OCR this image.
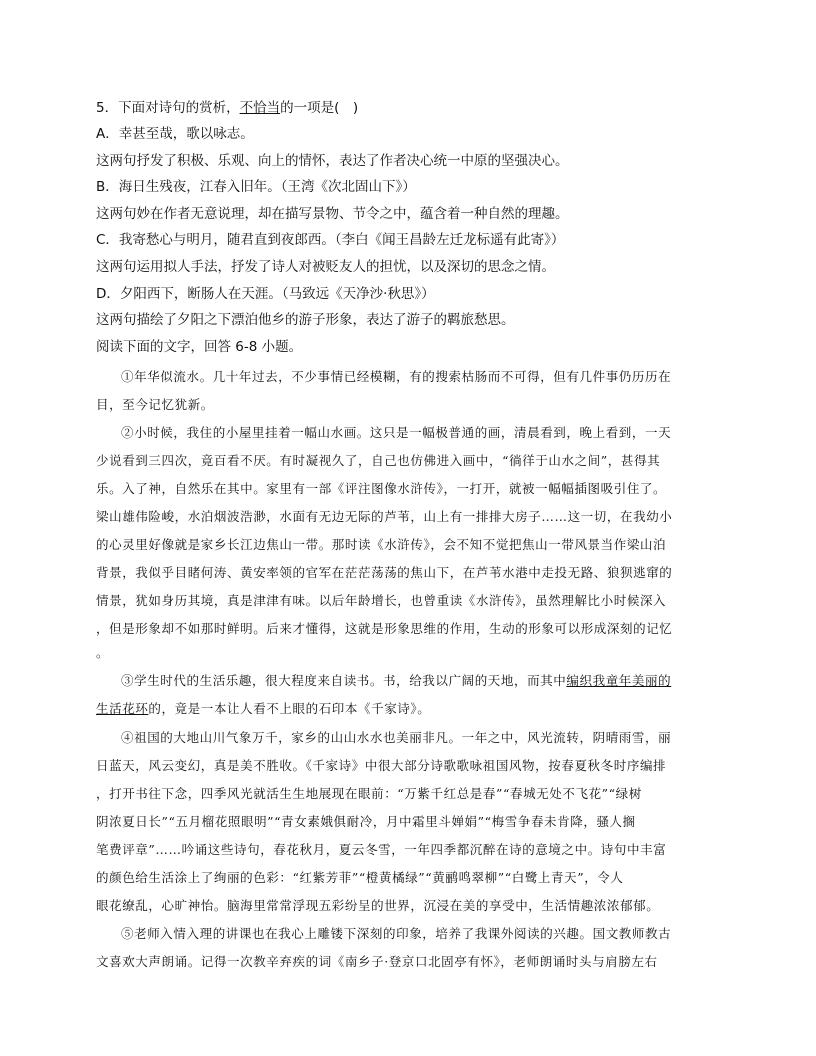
5．下面对诗句的赏析，不恰当的一项是(　)
A．幸甚至哉，歌以咏志。
这两句抒发了积极、乐观、向上的情怀，表达了作者决心统一中原的坚强决心。
B．海日生残夜，江春入旧年。（王湾《次北固山下》）
这两句妙在作者无意说理，却在描写景物、节令之中，蕴含着一种自然的理趣。
C．我寄愁心与明月，随君直到夜郎西。（李白《闻王昌龄左迁龙标遥有此寄》）
这两句运用拟人手法，抒发了诗人对被贬友人的担忧，以及深切的思念之情。
D．夕阳西下，断肠人在天涯。（马致远《天净沙·秋思》）
这两句描绘了夕阳之下漂泊他乡的游子形象，表达了游子的羁旅愁思。
阅读下面的文字，回答 6-8 小题。
①年华似流水。几十年过去，不少事情已经模糊，有的搜索枯肠而不可得，但有几件事仍历历在
目，至今记忆犹新。
②小时候，我住的小屋里挂着一幅山水画。这只是一幅极普通的画，清晨看到，晚上看到，一天
少说看到三四次，竟百看不厌。有时凝视久了，自己也仿佛进入画中，“徜徉于山水之间”，甚得其
乐。入了神，自然乐在其中。家里有一部《评注图像水浒传》，一打开，就被一幅幅插图吸引住了。
梁山雄伟险峻，水泊烟波浩渺，水面有无边无际的芦苇，山上有一排排大房子……这一切，在我幼小
的心灵里好像就是家乡长江边焦山一带。那时读《水浒传》，会不知不觉把焦山一带风景当作梁山泊
背景，我似乎目睹何涛、黄安率领的官军在茫茫荡荡的焦山下，在芦苇水港中走投无路、狼狈逃窜的
情景，犹如身历其境，真是津津有味。以后年龄增长，也曾重读《水浒传》，虽然理解比小时候深入
，但是形象却不如那时鲜明。后来才懂得，这就是形象思维的作用，生动的形象可以形成深刻的记忆
。
③学生时代的生活乐趣，很大程度来自读书。书，给我以广阔的天地，而其中编织我童年美丽的
生活花环的，竟是一本让人看不上眼的石印本《千家诗》。
④祖国的大地山川气象万千，家乡的山山水水也美丽非凡。一年之中，风光流转，阴晴雨雪，丽
日蓝天，风云变幻，真是美不胜收。《千家诗》中很大部分诗歌歌咏祖国风物，按春夏秋冬时序编排
，打开书往下念，四季风光就活生生地展现在眼前：“万紫千红总是春”“春城无处不飞花”“绿树
阴浓夏日长”“五月榴花照眼明”“青女素娥俱耐冷，月中霜里斗婵娟”“梅雪争春未肯降，骚人搁
笔费评章”……吟诵这些诗句，春花秋月，夏云冬雪，一年四季都沉醉在诗的意境之中。诗句中丰富
的颜色给生活涂上了绚丽的色彩：“红紫芳菲”“橙黄橘绿”“黄鹂鸣翠柳”“白鹭上青天”，令人
眼花缭乱，心旷神怡。脑海里常常浮现五彩纷呈的世界，沉浸在美的享受中，生活情趣浓浓郁郁。
⑤老师入情入理的讲课也在我心上雕镂下深刻的印象，培养了我课外阅读的兴趣。国文教师教古
文喜欢大声朗诵。记得一次教辛弃疾的词《南乡子·登京口北固亭有怀》，老师朗诵时头与肩膀左右
